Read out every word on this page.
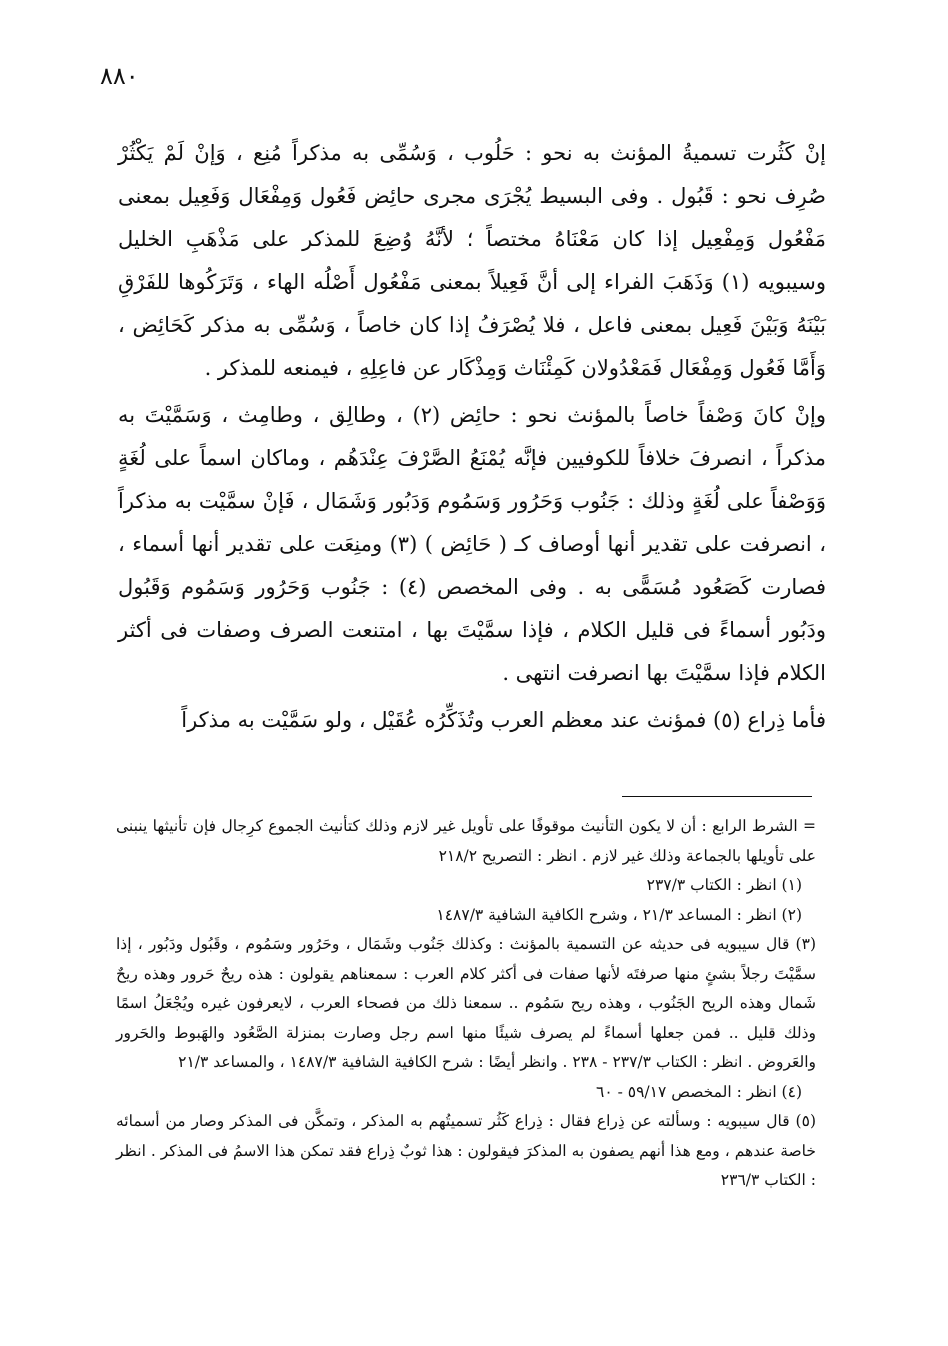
٨٨٠

إنْ كَثُرت تسميةُ المؤنث به نحو : حَلُوب ، وَسُمِّى به مذكراً مُنِع ، وَإنْ لَمْ يَكْثُرْ صُرِف نحو : قَبُول . وفى البسيط يُجْرَى مجرى حائِض فَعُول وَمِفْعَال وَفَعِيل بمعنى مَفْعُول وَمِفْعِيل إذا كان مَعْنَاهُ مختصاً ؛ لأنَّهُ وُضِعَ للمذكر على مَذْهَبِ الخليل وسيبويه (١) وَذَهَبَ الفراء إلى أنَّ فَعِيلاً بمعنى مَفْعُول أَصْلُه الهاء ، وَتَرَكُوها للفَرْقِ بَيْنَهُ وَبَيْنَ فَعِيل بمعنى فاعل ، فلا يُصْرَفُ إذا كان خاصاً ، وَسُمِّى به مذكر كَحَائِض ، وَأَمَّا فَعُول وَمِفْعَال فَمَعْدُولان كَمِئْنَاث وَمِذْكَار عن فاعِلِهِ ، فيمنعه للمذكر .

وإنْ كانَ وَصْفاً خاصاً بالمؤنث نحو : حائِض (٢) ، وطالِق ، وطامِث ، وَسَمَّيْتَ به مذكراً ، انصرفَ خلافاً للكوفيين فإنَّه يُمْنَعُ الصَّرْفَ عِنْدَهُم ، وماكان اسماً على لُغَةٍ وَوَصْفاً على لُغَةٍ وذلك : جَنُوب وَحَرُور وَسَمُوم وَدَبُور وَشَمَال ، فَإنْ سمَّيْت به مذكراً ، انصرفت على تقدير أنها أوصاف كـ ( حَائِض ) (٣) ومنِعَت على تقدير أنها أسماء ، فصارت كَصَعُود مُسَمًّى به . وفى المخصص (٤) : جَنُوب وَحَرُور وَسَمُوم وَقَبُول ودَبُور أسماءً فى قليل الكلام ، فإذا سمَّيْتَ بها ، امتنعت الصرف وصفات فى أكثر الكلام فإذا سمَّيْتَ بها انصرفت انتهى .

فأما ذِراع (٥) فمؤنث عند معظم العرب وتُذَكِّرُه عُقَيْل ، ولو سَمَّيْت به مذكراً

= الشرط الرابع : أن لا يكون التأنيث موقوفًا على تأويل غير لازم وذلك كتأنيث الجموع كرِجال فإن تأنيثها ينبنى على تأويلها بالجماعة وذلك غير لازم . انظر : التصريح ٢١٨/٢

(١) انظر : الكتاب ٢٣٧/٣

(٢) انظر : المساعد ٢١/٣ ، وشرح الكافية الشافية ١٤٨٧/٣

(٣) قال سيبويه فى حديثه عن التسمية بالمؤنث : وكذلك جَنُوب وشَمَال ، وحَرُور وسَمُوم ، وقَبُول ودَبُور ، إذا سمَّيْتَ رجلاً بشئٍ منها صرفتَه لأنها صفات فى أكثر كلام العرب : سمعناهم يقولون : هذه ريحٌ حَرور وهذه ريحٌ شَمال وهذه الريح الجَنُوب ، وهذه ريح سَمُوم .. سمعنا ذلك من فصحاء العرب ، لايعرفون غيره ويُجْعَلُ اسمًا وذلك قليل .. فمن جعلها أسماءً لم يصرف شيئًا منها اسم رجل وصارت بمنزلة الصَّعُود والهَبوط والحَرور والعَروض . انظر : الكتاب ٢٣٧/٣ - ٢٣٨ . وانظر أيضًا : شرح الكافية الشافية ١٤٨٧/٣ ، والمساعد ٢١/٣

(٤) انظر : المخصص ٥٩/١٧ - ٦٠

(٥) قال سيبويه : وسألته عن ذِراع فقال : ذِراع كَثُر تسميتُهم به المذكر ، وتمكَّن فى المذكر وصار من أسمائه خاصة عندهم ، ومع هذا أنهم يصفون به المذكرَ فيقولون : هذا ثوبٌ ذِراع فقد تمكن هذا الاسمُ فى المذكر . انظر : الكتاب ٢٣٦/٣
